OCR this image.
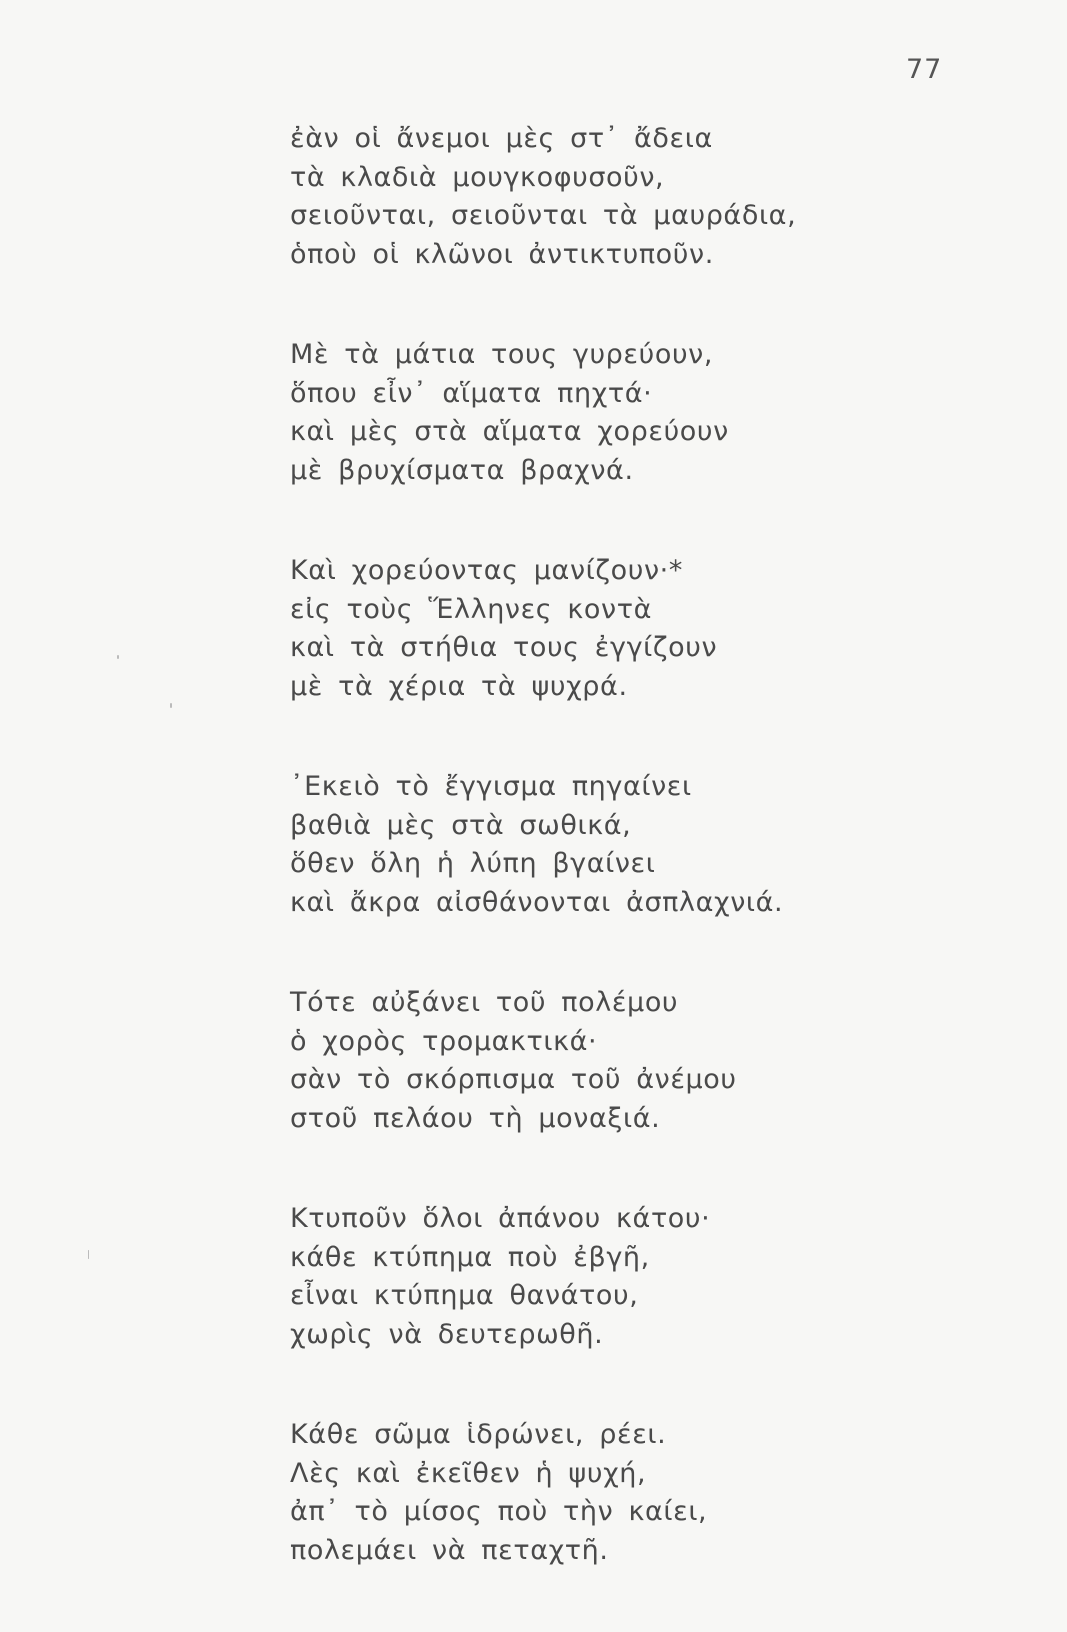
77
ἐὰν οἱ ἄνεμοι μὲς στ᾽ ἄδεια
τὰ κλαδιὰ μουγκοφυσοῦν,
σειοῦνται, σειοῦνται τὰ μαυράδια,
ὁποὺ οἱ κλῶνοι ἀντικτυποῦν.
Μὲ τὰ μάτια τους γυρεύουν,
ὅπου εἶν᾽ αἵματα πηχτά·
καὶ μὲς στὰ αἵματα χορεύουν
μὲ βρυχίσματα βραχνά.
Καὶ χορεύοντας μανίζουν·*
εἰς τοὺς Ἕλληνες κοντὰ
καὶ τὰ στήθια τους ἐγγίζουν
μὲ τὰ χέρια τὰ ψυχρά.
᾽Εκειὸ τὸ ἔγγισμα πηγαίνει
βαθιὰ μὲς στὰ σωθικά,
ὅθεν ὅλη ἡ λύπη βγαίνει
καὶ ἄκρα αἰσθάνονται ἀσπλαχνιά.
Τότε αὐξάνει τοῦ πολέμου
ὁ χορὸς τρομακτικά·
σὰν τὸ σκόρπισμα τοῦ ἀνέμου
στοῦ πελάου τὴ μοναξιά.
Κτυποῦν ὅλοι ἀπάνου κάτου·
κάθε κτύπημα ποὺ ἐβγῆ,
εἶναι κτύπημα θανάτου,
χωρὶς νὰ δευτερωθῆ.
Κάθε σῶμα ἱδρώνει, ρέει.
Λὲς καὶ ἐκεῖθεν ἡ ψυχή,
ἀπ᾽ τὸ μίσος ποὺ τὴν καίει,
πολεμάει νὰ πεταχτῆ.
